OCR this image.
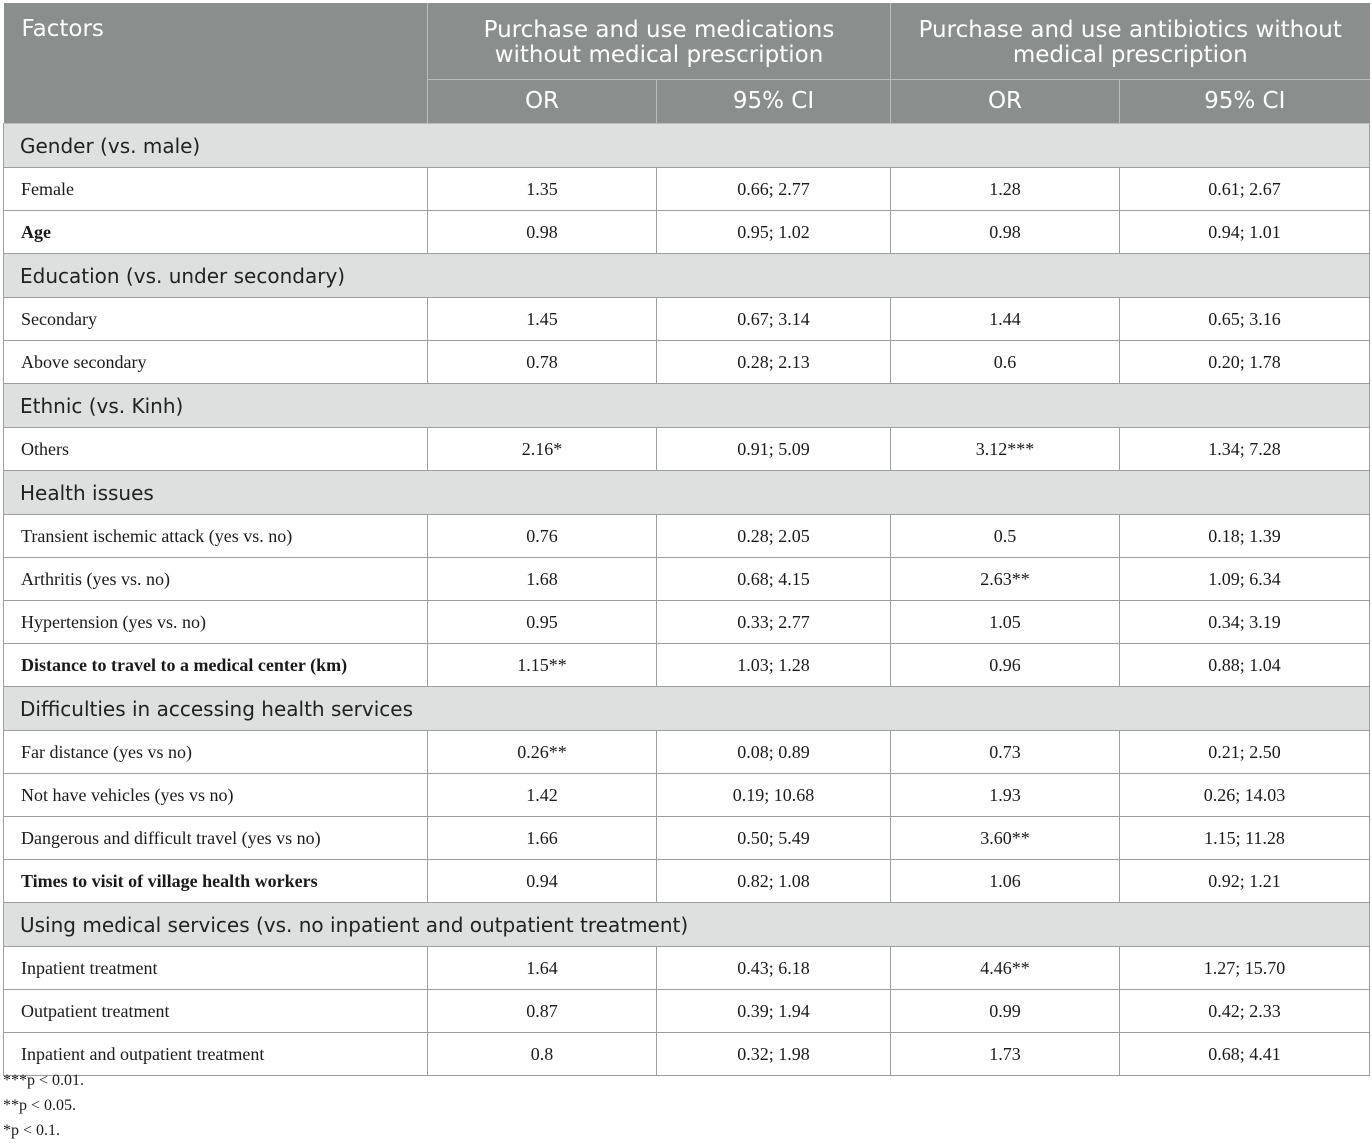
Factors	Purchase and use medications without medical prescription		Purchase and use antibiotics without medical prescription	
	OR	95% CI	OR	95% CI
Gender (vs. male)				
Female	1.35	0.66; 2.77	1.28	0.61; 2.67
Age	0.98	0.95; 1.02	0.98	0.94; 1.01
Education (vs. under secondary)				
Secondary	1.45	0.67; 3.14	1.44	0.65; 3.16
Above secondary	0.78	0.28; 2.13	0.6	0.20; 1.78
Ethnic (vs. Kinh)				
Others	2.16*	0.91; 5.09	3.12***	1.34; 7.28
Health issues				
Transient ischemic attack (yes vs. no)	0.76	0.28; 2.05	0.5	0.18; 1.39
Arthritis (yes vs. no)	1.68	0.68; 4.15	2.63**	1.09; 6.34
Hypertension (yes vs. no)	0.95	0.33; 2.77	1.05	0.34; 3.19
Distance to travel to a medical center (km)	1.15**	1.03; 1.28	0.96	0.88; 1.04
Difficulties in accessing health services				
Far distance (yes vs no)	0.26**	0.08; 0.89	0.73	0.21; 2.50
Not have vehicles (yes vs no)	1.42	0.19; 10.68	1.93	0.26; 14.03
Dangerous and difficult travel (yes vs no)	1.66	0.50; 5.49	3.60**	1.15; 11.28
Times to visit of village health workers	0.94	0.82; 1.08	1.06	0.92; 1.21
Using medical services (vs. no inpatient and outpatient treatment)				
Inpatient treatment	1.64	0.43; 6.18	4.46**	1.27; 15.70
Outpatient treatment	0.87	0.39; 1.94	0.99	0.42; 2.33
Inpatient and outpatient treatment	0.8	0.32; 1.98	1.73	0.68; 4.41
***p < 0.01.
**p < 0.05.
*p < 0.1.
